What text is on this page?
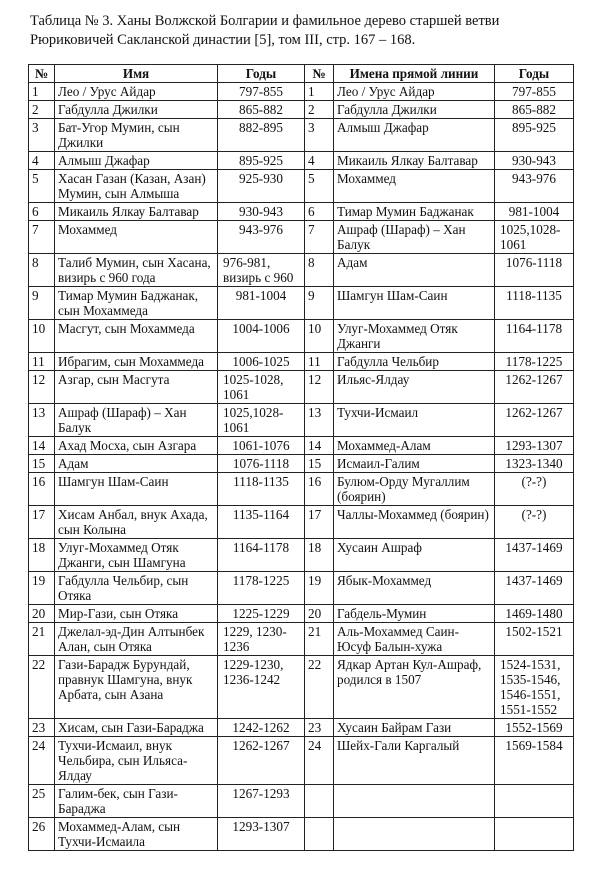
Таблица № 3. Ханы Волжской Болгарии и фамильное дерево старшей ветви Рюриковичей Сакланской династии [5], том III, стр. 167 – 168.
№	Имя	Годы	№	Имена прямой линии	Годы
1	Лео / Урус Айдар	797-855	1	Лео / Урус Айдар	797-855
2	Габдулла Джилки	865-882	2	Габдулла Джилки	865-882
3	Бат-Угор Мумин, сын Джилки	882-895	3	Алмыш Джафар	895-925
4	Алмыш Джафар	895-925	4	Микаиль Ялкау Балтавар	930-943
5	Хасан Газан (Казан, Азан) Мумин, сын Алмыша	925-930	5	Мохаммед	943-976
6	Микаиль Ялкау Балтавар	930-943	6	Тимар Мумин Баджанак	981-1004
7	Мохаммед	943-976	7	Ашраф (Шараф) – Хан Балук	1025,1028-1061
8	Талиб Мумин, сын Хасана, визирь с 960 года	976-981, визирь с 960	8	Адам	1076-1118
9	Тимар Мумин Баджанак, сын Мохаммеда	981-1004	9	Шамгун Шам-Саин	1118-1135
10	Масгут, сын Мохаммеда	1004-1006	10	Улуг-Мохаммед Отяк Джанги	1164-1178
11	Ибрагим, сын Мохаммеда	1006-1025	11	Габдулла Чельбир	1178-1225
12	Азгар, сын Масгута	1025-1028, 1061	12	Ильяс-Ялдау	1262-1267
13	Ашраф (Шараф) – Хан Балук	1025,1028-1061	13	Тухчи-Исмаил	1262-1267
14	Ахад Мосха, сын Азгара	1061-1076	14	Мохаммед-Алам	1293-1307
15	Адам	1076-1118	15	Исмаил-Галим	1323-1340
16	Шамгун Шам-Саин	1118-1135	16	Булюм-Орду Мугаллим (боярин)	(?-?)
17	Хисам Анбал, внук Ахада, сын Колына	1135-1164	17	Чаллы-Мохаммед (боярин)	(?-?)
18	Улуг-Мохаммед Отяк Джанги, сын Шамгуна	1164-1178	18	Хусаин Ашраф	1437-1469
19	Габдулла Чельбир, сын Отяка	1178-1225	19	Ябык-Мохаммед	1437-1469
20	Мир-Гази, сын Отяка	1225-1229	20	Габдель-Мумин	1469-1480
21	Джелал-эд-Дин Алтынбек Алан, сын Отяка	1229, 1230-1236	21	Аль-Мохаммед Саин-Юсуф Балын-хужа	1502-1521
22	Гази-Барадж Бурундай, правнук Шамгуна, внук Арбата, сын Азана	1229-1230, 1236-1242	22	Ядкар Артан Кул-Ашраф, родился в 1507	1524-1531, 1535-1546, 1546-1551, 1551-1552
23	Хисам, сын Гази-Бараджа	1242-1262	23	Хусаин Байрам Гази	1552-1569
24	Тухчи-Исмаил, внук Чельбира, сын Ильяса-Ялдау	1262-1267	24	Шейх-Гали Каргалый	1569-1584
25	Галим-бек, сын Гази-Бараджа	1267-1293			
26	Мохаммед-Алам, сын Тухчи-Исмаила	1293-1307			
